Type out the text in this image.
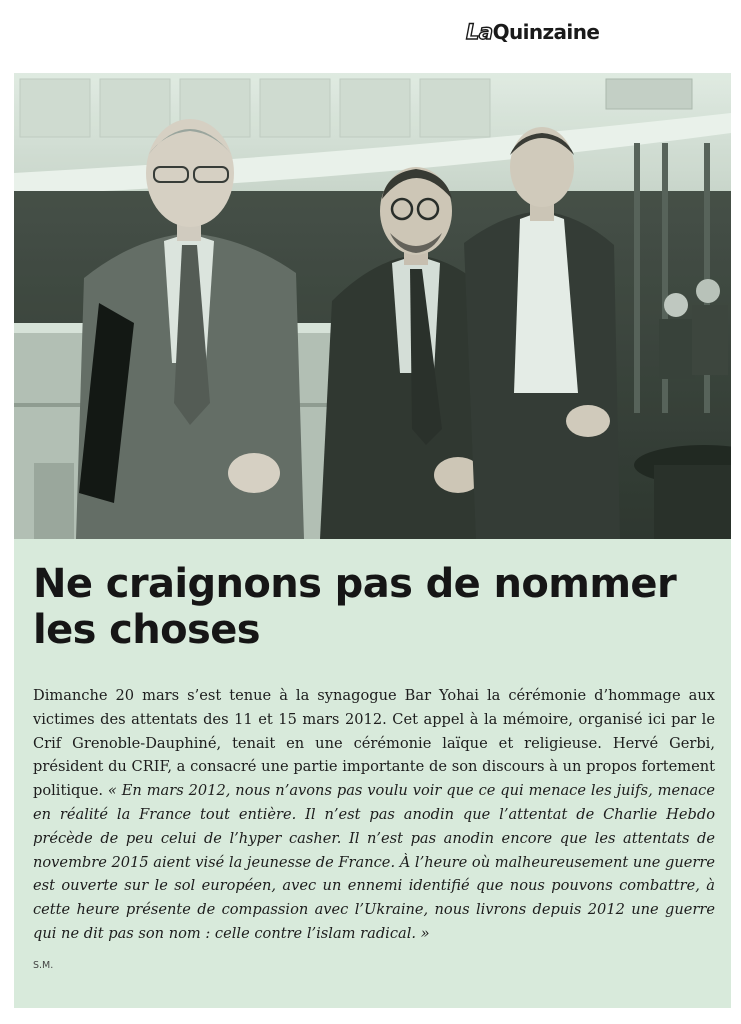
La Quinzaine
Ne craignons pas de nommer les choses

Dimanche 20 mars s’est tenue à la synagogue Bar Yohai la cérémonie d’hommage aux victimes des attentats des 11 et 15 mars 2012. Cet appel à la mémoire, organisé ici par le Crif Grenoble-Dauphiné, tenait en une cérémonie laïque et religieuse. Hervé Gerbi, président du CRIF, a consacré une partie importante de son discours à un propos fortement politique. « En mars 2012, nous n’avons pas voulu voir que ce qui menace les juifs, menace en réalité la France tout entière. Il n’est pas anodin que l’attentat de Charlie Hebdo précède de peu celui de l’hyper casher. Il n’est pas anodin encore que les attentats de novembre 2015 aient visé la jeunesse de France. À l’heure où malheureusement une guerre est ouverte sur le sol européen, avec un ennemi identifié que nous pouvons combattre, à cette heure présente de compassion avec l’Ukraine, nous livrons depuis 2012 une guerre qui ne dit pas son nom : celle contre l’islam radical. »

S.M.
